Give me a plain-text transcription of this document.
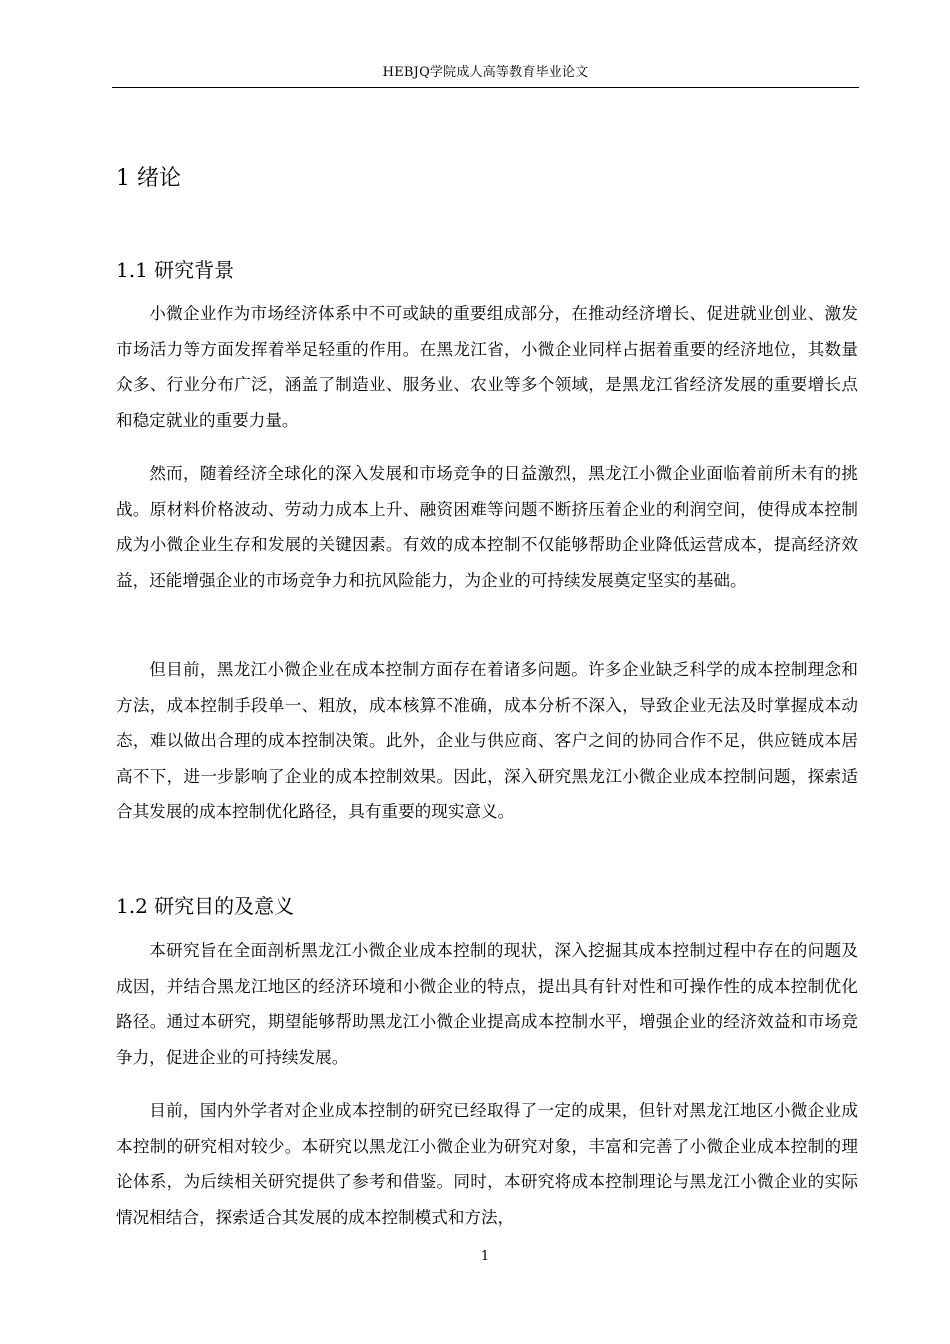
HEBJQ学院成人高等教育毕业论文
1 绪论
1.1 研究背景

小微企业作为市场经济体系中不可或缺的重要组成部分，在推动经济增长、促进就业创业、激发市场活力等方面发挥着举足轻重的作用。在黑龙江省，小微企业同样占据着重要的经济地位，其数量众多、行业分布广泛，涵盖了制造业、服务业、农业等多个领域，是黑龙江省经济发展的重要增长点和稳定就业的重要力量。

然而，随着经济全球化的深入发展和市场竞争的日益激烈，黑龙江小微企业面临着前所未有的挑战。原材料价格波动、劳动力成本上升、融资困难等问题不断挤压着企业的利润空间，使得成本控制成为小微企业生存和发展的关键因素。有效的成本控制不仅能够帮助企业降低运营成本，提高经济效益，还能增强企业的市场竞争力和抗风险能力，为企业的可持续发展奠定坚实的基础。

但目前，黑龙江小微企业在成本控制方面存在着诸多问题。许多企业缺乏科学的成本控制理念和方法，成本控制手段单一、粗放，成本核算不准确，成本分析不深入，导致企业无法及时掌握成本动态，难以做出合理的成本控制决策。此外，企业与供应商、客户之间的协同合作不足，供应链成本居高不下，进一步影响了企业的成本控制效果。因此，深入研究黑龙江小微企业成本控制问题，探索适合其发展的成本控制优化路径，具有重要的现实意义。

1.2 研究目的及意义

本研究旨在全面剖析黑龙江小微企业成本控制的现状，深入挖掘其成本控制过程中存在的问题及成因，并结合黑龙江地区的经济环境和小微企业的特点，提出具有针对性和可操作性的成本控制优化路径。通过本研究，期望能够帮助黑龙江小微企业提高成本控制水平，增强企业的经济效益和市场竞争力，促进企业的可持续发展。

目前，国内外学者对企业成本控制的研究已经取得了一定的成果，但针对黑龙江地区小微企业成本控制的研究相对较少。本研究以黑龙江小微企业为研究对象，丰富和完善了小微企业成本控制的理论体系，为后续相关研究提供了参考和借鉴。同时，本研究将成本控制理论与黑龙江小微企业的实际情况相结合，探索适合其发展的成本控制模式和方法，

1
